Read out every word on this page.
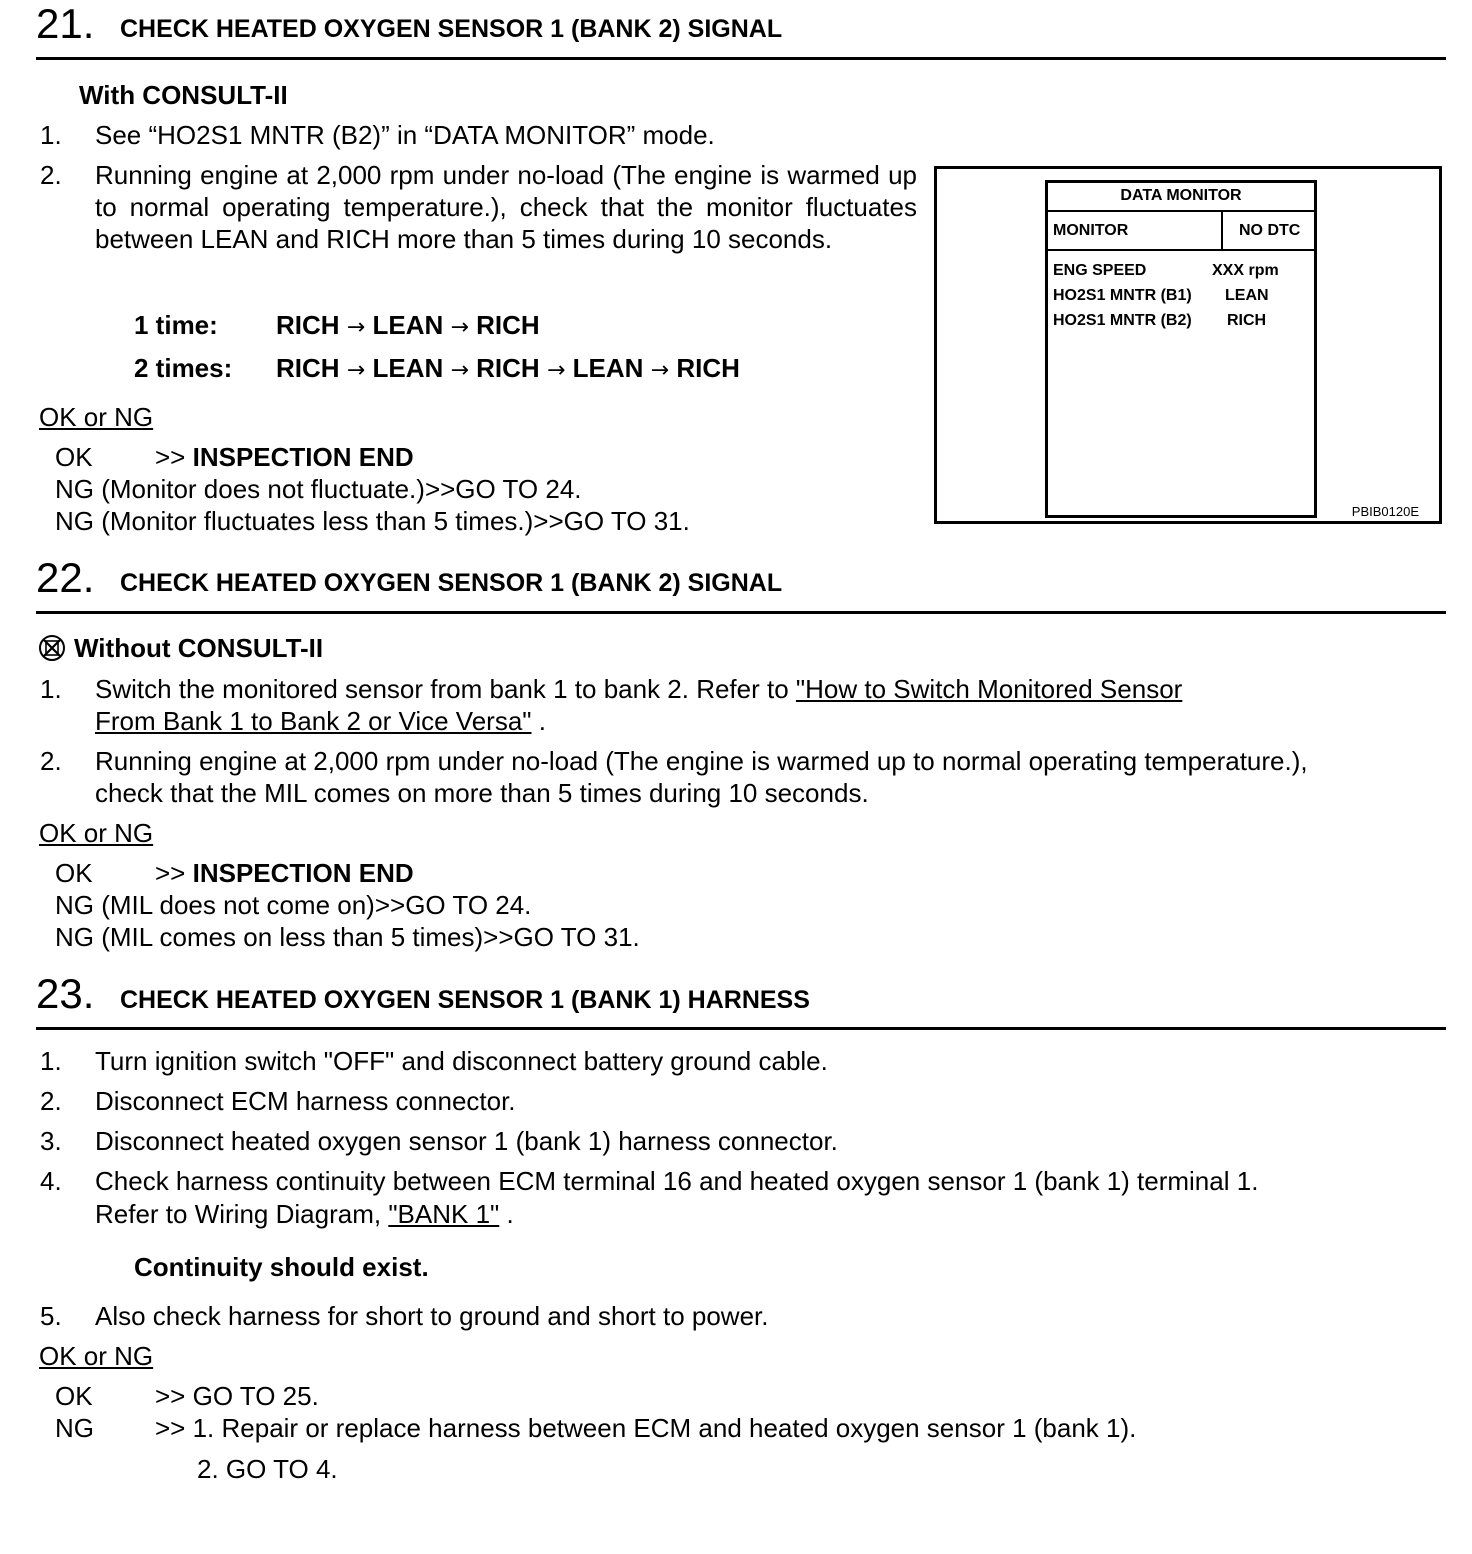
21. CHECK HEATED OXYGEN SENSOR 1 (BANK 2) SIGNAL
With CONSULT-II
1. See “HO2S1 MNTR (B2)” in “DATA MONITOR” mode.
2. Running engine at 2,000 rpm under no-load (The engine is warmed up to normal operating temperature.), check that the monitor fluctuates between LEAN and RICH more than 5 times during 10 seconds.
1 time: RICH → LEAN → RICH
2 times: RICH → LEAN → RICH → LEAN → RICH
OK or NG
OK >> INSPECTION END
NG (Monitor does not fluctuate.)>>GO TO 24.
NG (Monitor fluctuates less than 5 times.)>>GO TO 31.
DATA MONITOR
MONITOR	NO DTC
ENG SPEED	XXX rpm
HO2S1 MNTR (B1) LEAN
HO2S1 MNTR (B2) RICH
PBIB0120E
22. CHECK HEATED OXYGEN SENSOR 1 (BANK 2) SIGNAL
Without CONSULT-II
1. Switch the monitored sensor from bank 1 to bank 2. Refer to "How to Switch Monitored Sensor
From Bank 1 to Bank 2 or Vice Versa" .
2. Running engine at 2,000 rpm under no-load (The engine is warmed up to normal operating temperature.),
check that the MIL comes on more than 5 times during 10 seconds.
OK or NG
OK >> INSPECTION END
NG (MIL does not come on)>>GO TO 24.
NG (MIL comes on less than 5 times)>>GO TO 31.
23. CHECK HEATED OXYGEN SENSOR 1 (BANK 1) HARNESS
1. Turn ignition switch "OFF" and disconnect battery ground cable.
2. Disconnect ECM harness connector.
3. Disconnect heated oxygen sensor 1 (bank 1) harness connector.
4. Check harness continuity between ECM terminal 16 and heated oxygen sensor 1 (bank 1) terminal 1.
Refer to Wiring Diagram, "BANK 1" .
Continuity should exist.
5. Also check harness for short to ground and short to power.
OK or NG
OK >> GO TO 25.
NG >> 1. Repair or replace harness between ECM and heated oxygen sensor 1 (bank 1).
2. GO TO 4.
